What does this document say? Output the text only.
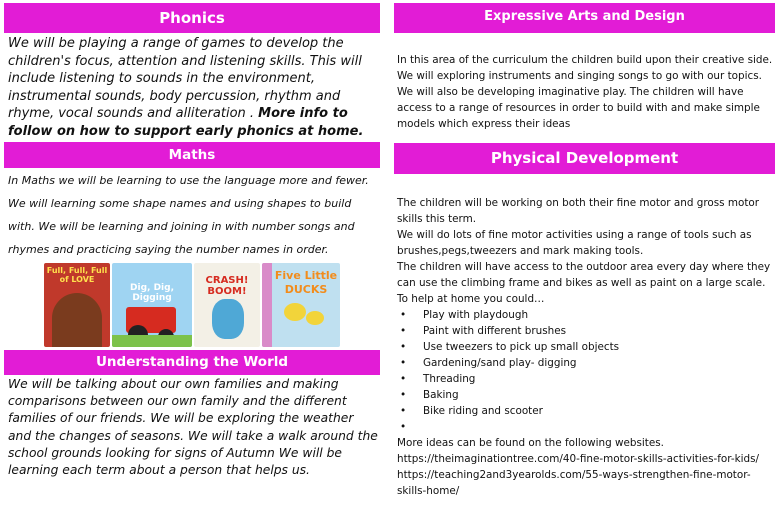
Phonics
We will be playing a range of games to develop the children's focus, attention and listening skills. This will include listening to sounds in the environment, instrumental sounds, body percussion, rhythm and rhyme, vocal sounds and alliteration . More info to follow on how to support early phonics at home.
Maths
In Maths we will be learning to use the language more and fewer. We will learning some shape names and using shapes to build with. We will be learning and joining in with number songs and rhymes and practicing saying the number names in order.
Full, Full, Full of LOVE
Dig, Dig, Digging
CRASH! BOOM!
Five Little DUCKS
Understanding the World
We will be talking about our own families and making comparisons between our own family and the different families of our friends. We will be exploring the weather and the changes of seasons. We will take a walk around the school grounds looking for signs of Autumn We will be learning each term about a person that helps us.
Expressive Arts and Design
In this area of the curriculum the children build upon their creative side. We will exploring instruments and singing songs to go with our topics. We will also be developing imaginative play. The children will have access to a range of resources in order to build with and make simple models which express their ideas
Physical Development

The children will be working on both their fine motor and gross motor skills this term.

We will do lots of fine motor activities using a range of tools such as brushes,pegs,tweezers and mark making tools.

The children will have access to the outdoor area every day where they can use the climbing frame and bikes as well as paint on a large scale.

To help at home you could…

• Play with playdough
• Paint with different brushes
• Use tweezers to pick up small objects
• Gardening/sand play- digging
• Threading
• Baking
• Bike riding and scooter
•

More ideas can be found on the following websites.

https://theimaginationtree.com/40-fine-motor-skills-activities-for-kids/

https://teaching2and3yearolds.com/55-ways-strengthen-fine-motor-skills-home/
